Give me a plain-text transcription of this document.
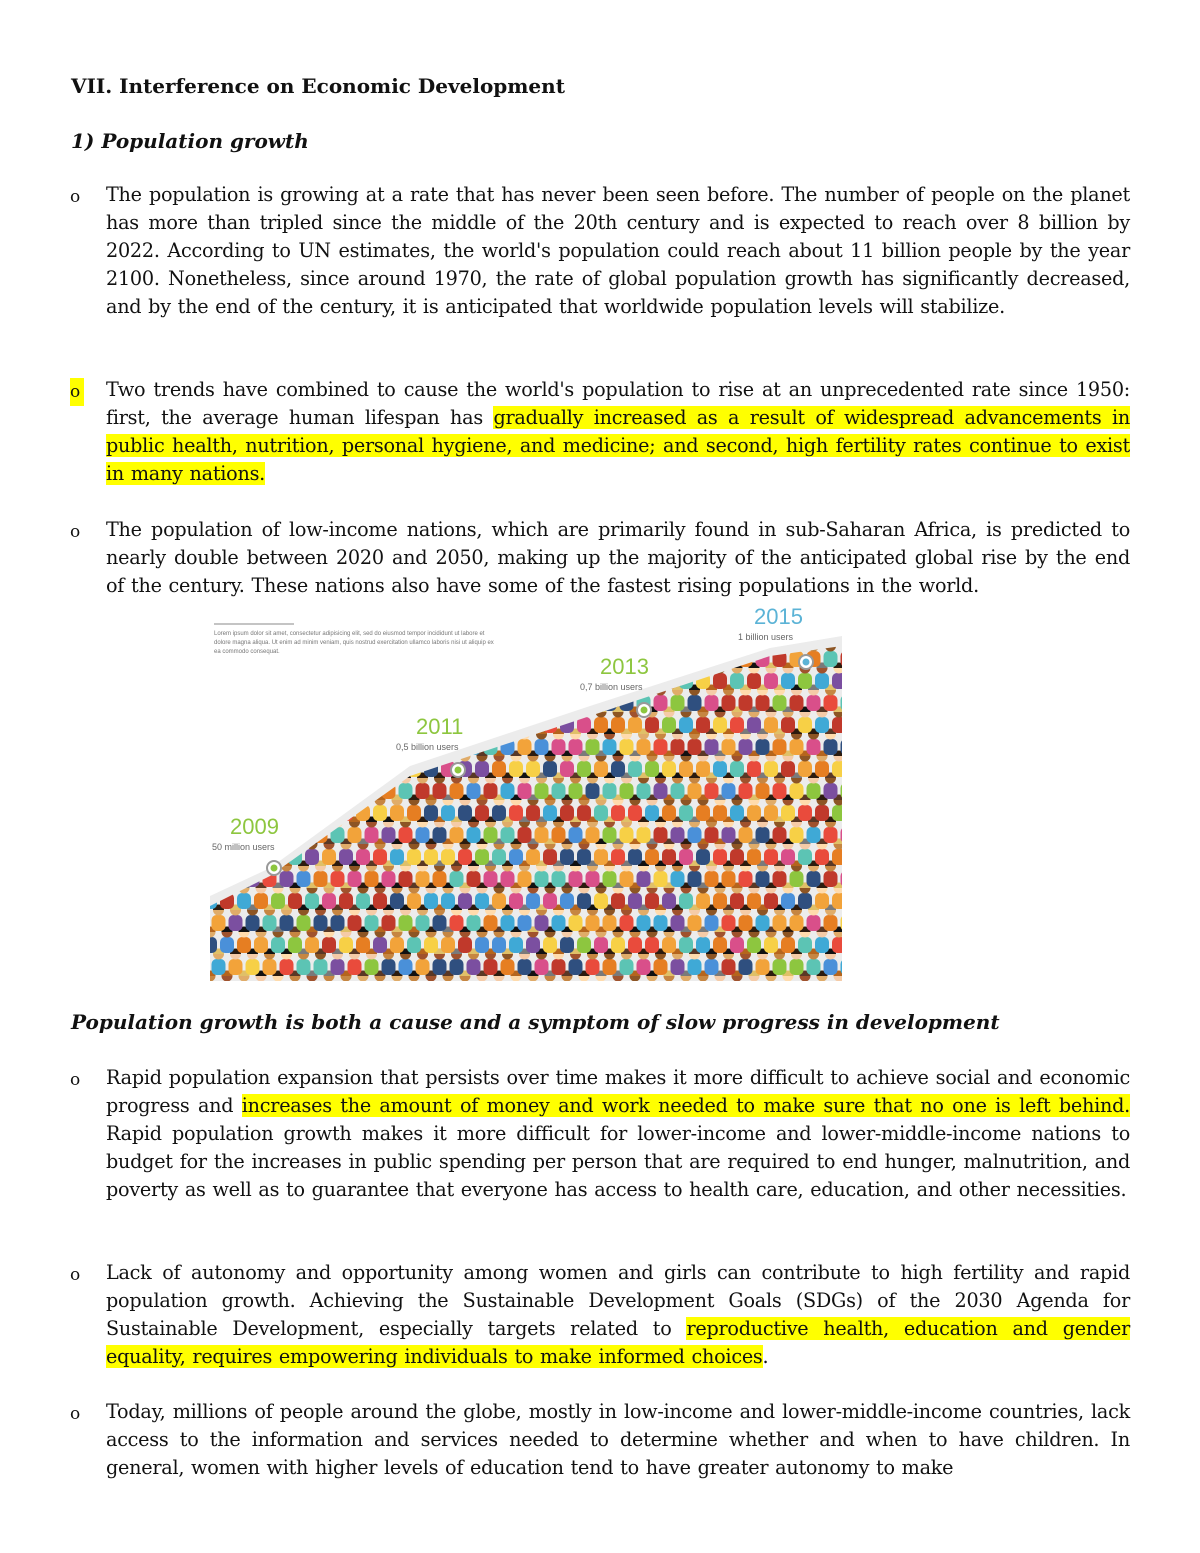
VII. Interference on Economic Development
1) Population growth
o The population is growing at a rate that has never been seen before. The number of people on the planet has more than tripled since the middle of the 20th century and is expected to reach over 8 billion by 2022. According to UN estimates, the world's population could reach about 11 billion people by the year 2100. Nonetheless, since around 1970, the rate of global population growth has significantly decreased, and by the end of the century, it is anticipated that worldwide population levels will stabilize.

o Two trends have combined to cause the world's population to rise at an unprecedented rate since 1950: first, the average human lifespan has gradually increased as a result of widespread advancements in public health, nutrition, personal hygiene, and medicine; and second, high fertility rates continue to exist in many nations.

o The population of low-income nations, which are primarily found in sub-Saharan Africa, is predicted to nearly double between 2020 and 2050, making up the majority of the anticipated global rise by the end of the century. These nations also have some of the fastest rising populations in the world.

Lorem ipsum dolor sit amet, consectetur adipisicing elit, sed do eiusmod tempor incididunt ut labore et dolore magna aliqua. Ut enim ad minim veniam, quis nostrud exercitation ullamco laboris nisi ut aliquip ex ea commodo consequat.
2009
50 million users
2011
0,5 billion users
2013
0,7 billion users
2015
1 billion users
Population growth is both a cause and a symptom of slow progress in development
o Rapid population expansion that persists over time makes it more difficult to achieve social and economic progress and increases the amount of money and work needed to make sure that no one is left behind. Rapid population growth makes it more difficult for lower-income and lower-middle-income nations to budget for the increases in public spending per person that are required to end hunger, malnutrition, and poverty as well as to guarantee that everyone has access to health care, education, and other necessities.

o Lack of autonomy and opportunity among women and girls can contribute to high fertility and rapid population growth. Achieving the Sustainable Development Goals (SDGs) of the 2030 Agenda for Sustainable Development, especially targets related to reproductive health, education and gender equality, requires empowering individuals to make informed choices.

o Today, millions of people around the globe, mostly in low-income and lower-middle-income countries, lack access to the information and services needed to determine whether and when to have children. In general, women with higher levels of education tend to have greater autonomy to make
